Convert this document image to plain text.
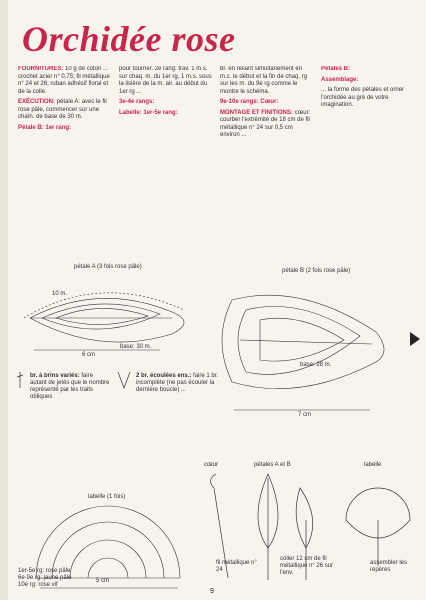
Orchidée rose

FOURNITURES: 10 g de coton ... crochet acier n° 0,75; fil métallique n° 24 et 26; ruban adhésif floral et de la colle.

EXÉCUTION: pétale A: avec le fil rose pâle, commencer sur une chaîn. de base de 30 m.

Pétale B: 1er rang:

pour tourner. 2e rang: trav. 1 m.s. sur chaq. m. du 1er rg, 1 m.s. sous la lisière de la m. air. au début du 1er rg ...

3e-4e rangs:

Labelle: 1er-5e rang:

br. en reliant simultanément en m.c. le début et la fin de chaq. rg sur les m. du 9e rg comme le montre le schéma.

9e-10e rangs: Cœur:

MONTAGE ET FINITIONS: cœur: courber l'extrémité de 18 cm de fil métallique n° 24 sur 0,5 cm environ ...

Pétales B:

Assemblage:

... la forme des pétales et orner l'orchidée au gré de votre imagination.

pétale A (3 fois rose pâle)
pétale B (2 fois rose pâle)
10 m.
base: 30 m.
6 cm
base: 28 m.
7 cm
br. à brins variés: faire autant de jetés que le nombre représenté par les traits obliques
2 br. écoulées ens.: faire 1 br. incomplète (ne pas écouler la dernière boucle) ...
labelle (1 fois)
cœur	pétales A et B	labelle
fil métallique n° 24
coller 12 cm de fil métallique n° 26 sur l'env.
assembler les repères
1er-5e rg: rose pâle
6e-9e rg: jaune pâle
10e rg: rose vif
5 cm
9
